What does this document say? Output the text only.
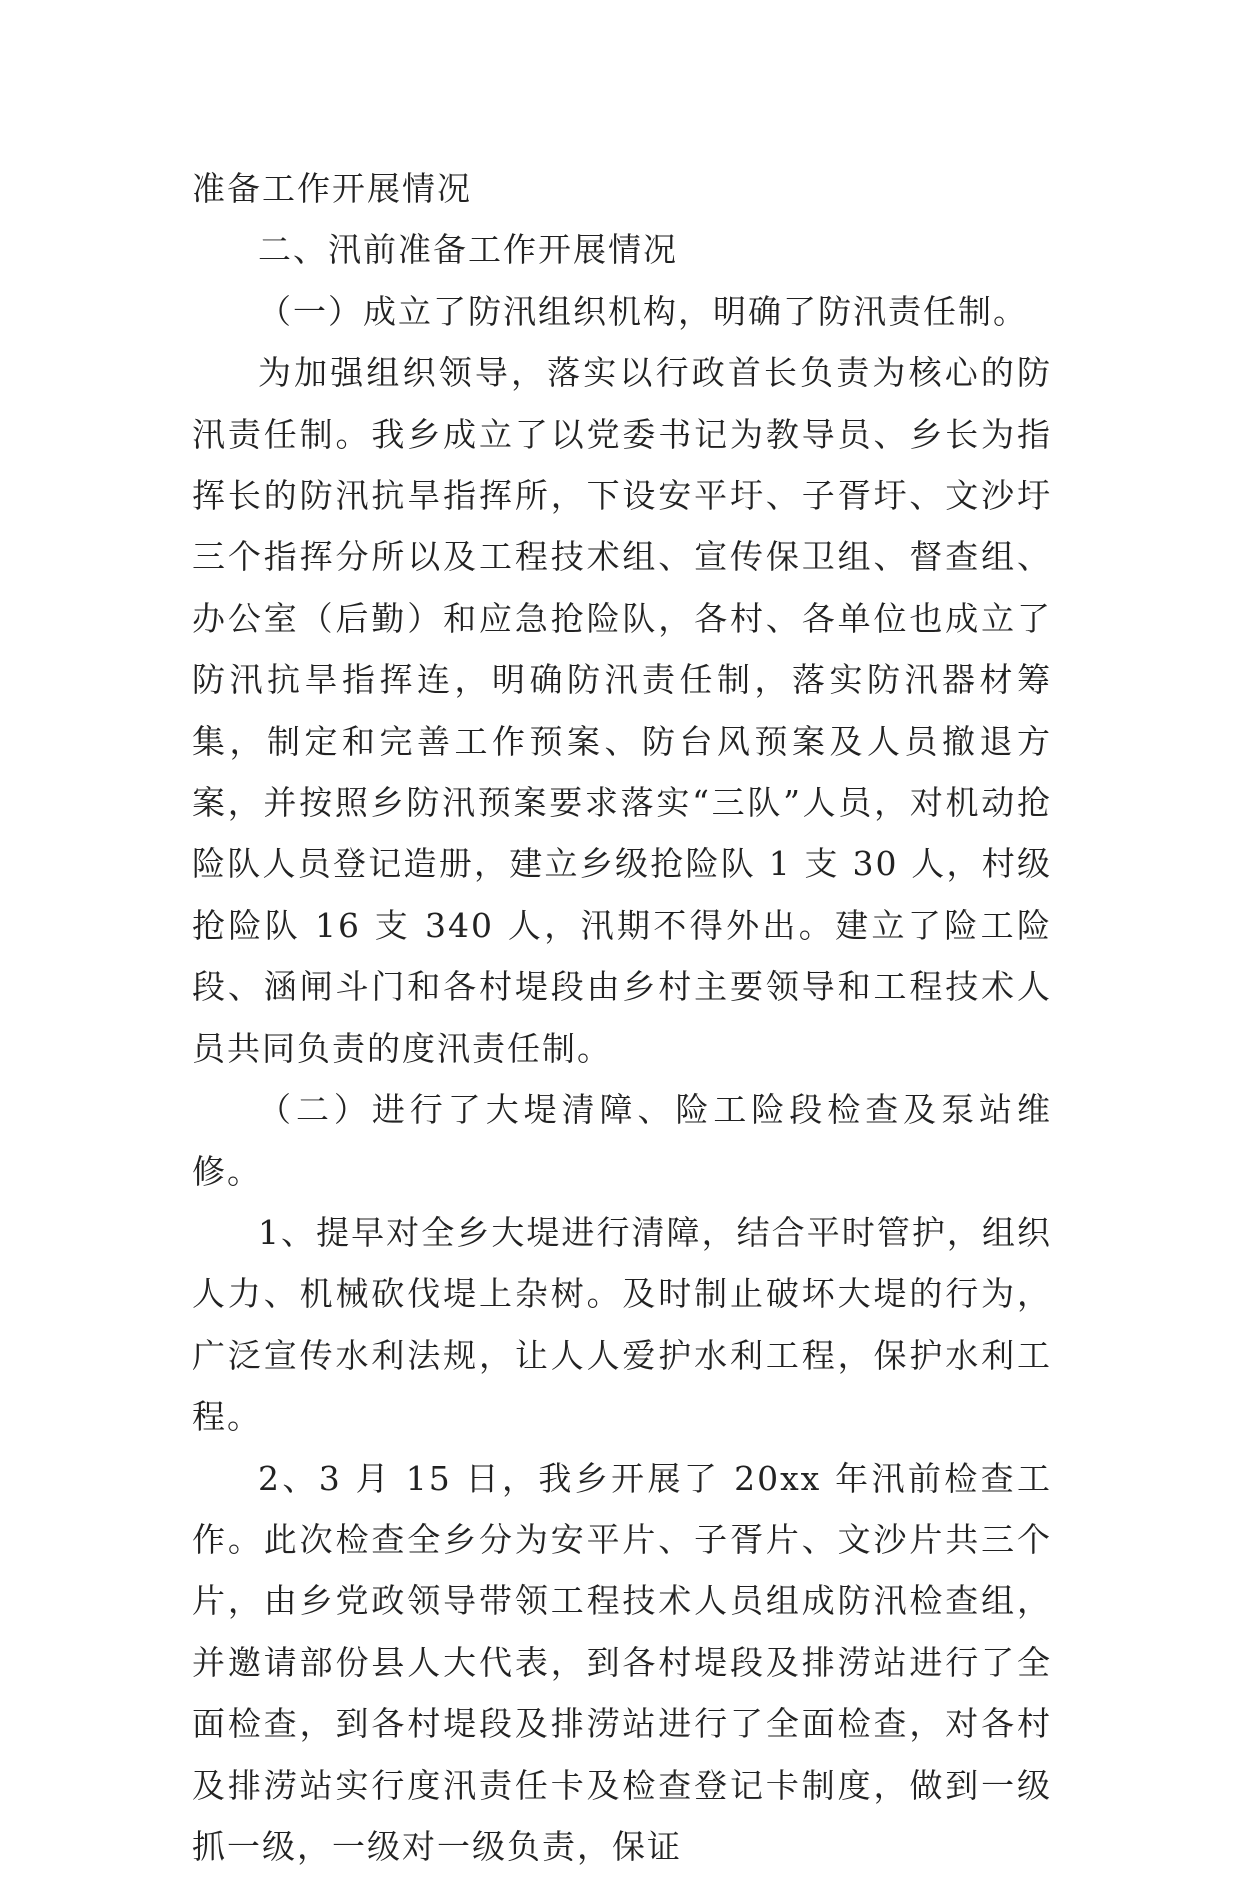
准备工作开展情况

二、汛前准备工作开展情况

（一）成立了防汛组织机构，明确了防汛责任制。

为加强组织领导，落实以行政首长负责为核心的防汛责任制。我乡成立了以党委书记为教导员、乡长为指挥长的防汛抗旱指挥所，下设安平圩、子胥圩、文沙圩三个指挥分所以及工程技术组、宣传保卫组、督查组、办公室（后勤）和应急抢险队，各村、各单位也成立了防汛抗旱指挥连，明确防汛责任制，落实防汛器材筹集，制定和完善工作预案、防台风预案及人员撤退方案，并按照乡防汛预案要求落实“三队”人员，对机动抢险队人员登记造册，建立乡级抢险队 1 支 30 人，村级抢险队 16 支 340 人，汛期不得外出。建立了险工险段、涵闸斗门和各村堤段由乡村主要领导和工程技术人员共同负责的度汛责任制。

（二）进行了大堤清障、险工险段检查及泵站维修。

1、提早对全乡大堤进行清障，结合平时管护，组织人力、机械砍伐堤上杂树。及时制止破坏大堤的行为，广泛宣传水利法规，让人人爱护水利工程，保护水利工程。

2、3 月 15 日，我乡开展了 20xx 年汛前检查工作。此次检查全乡分为安平片、子胥片、文沙片共三个片，由乡党政领导带领工程技术人员组成防汛检查组，并邀请部份县人大代表，到各村堤段及排涝站进行了全面检查，到各村堤段及排涝站进行了全面检查，对各村及排涝站实行度汛责任卡及检查登记卡制度，做到一级抓一级，一级对一级负责，保证
